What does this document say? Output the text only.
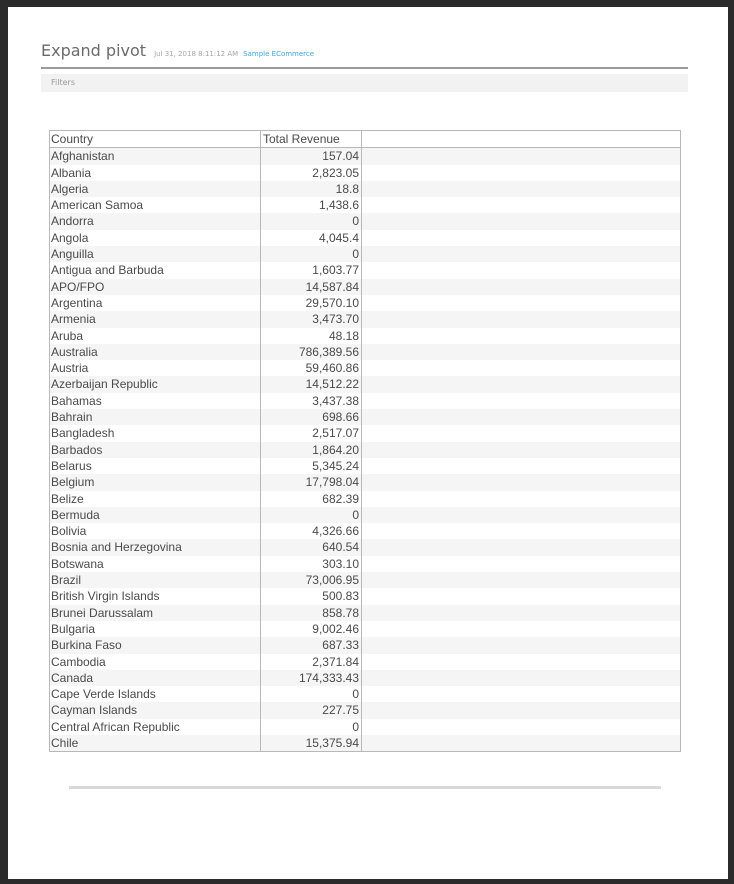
Expand pivot Jul 31, 2018 8:11:12 AM Sample ECommerce
Filters
Country	Total Revenue
Afghanistan	157.04
Albania	2,823.05
Algeria	18.8
American Samoa	1,438.6
Andorra	0
Angola	4,045.4
Anguilla	0
Antigua and Barbuda	1,603.77
APO/FPO	14,587.84
Argentina	29,570.10
Armenia	3,473.70
Aruba	48.18
Australia	786,389.56
Austria	59,460.86
Azerbaijan Republic	14,512.22
Bahamas	3,437.38
Bahrain	698.66
Bangladesh	2,517.07
Barbados	1,864.20
Belarus	5,345.24
Belgium	17,798.04
Belize	682.39
Bermuda	0
Bolivia	4,326.66
Bosnia and Herzegovina	640.54
Botswana	303.10
Brazil	73,006.95
British Virgin Islands	500.83
Brunei Darussalam	858.78
Bulgaria	9,002.46
Burkina Faso	687.33
Cambodia	2,371.84
Canada	174,333.43
Cape Verde Islands	0
Cayman Islands	227.75
Central African Republic	0
Chile	15,375.94
